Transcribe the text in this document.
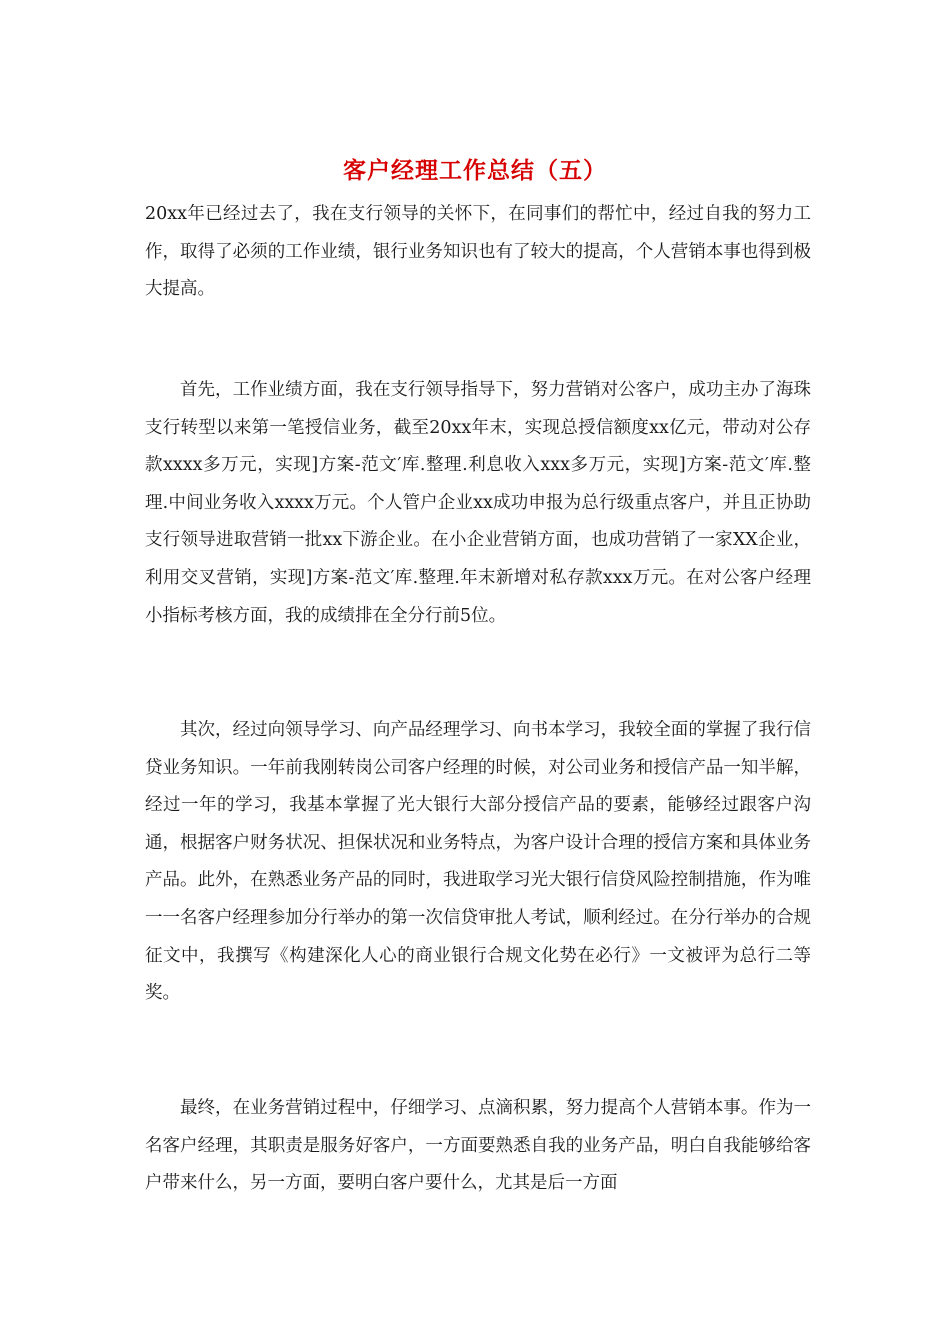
客户经理工作总结（五）

20xx年已经过去了，我在支行领导的关怀下，在同事们的帮忙中，经过自我的努力工作，取得了必须的工作业绩，银行业务知识也有了较大的提高，个人营销本事也得到极大提高。

首先，工作业绩方面，我在支行领导指导下，努力营销对公客户，成功主办了海珠支行转型以来第一笔授信业务，截至20xx年末，实现总授信额度xx亿元，带动对公存款xxxx多万元，实现]方案-范文′库.整理.利息收入xxx多万元，实现]方案-范文′库.整理.中间业务收入xxxx万元。个人管户企业xx成功申报为总行级重点客户，并且正协助支行领导进取营销一批xx下游企业。在小企业营销方面，也成功营销了一家XX企业，利用交叉营销，实现]方案-范文′库.整理.年末新增对私存款xxx万元。在对公客户经理小指标考核方面，我的成绩排在全分行前5位。

其次，经过向领导学习、向产品经理学习、向书本学习，我较全面的掌握了我行信贷业务知识。一年前我刚转岗公司客户经理的时候，对公司业务和授信产品一知半解，经过一年的学习，我基本掌握了光大银行大部分授信产品的要素，能够经过跟客户沟通，根据客户财务状况、担保状况和业务特点，为客户设计合理的授信方案和具体业务产品。此外，在熟悉业务产品的同时，我进取学习光大银行信贷风险控制措施，作为唯一一名客户经理参加分行举办的第一次信贷审批人考试，顺利经过。在分行举办的合规征文中，我撰写《构建深化人心的商业银行合规文化势在必行》一文被评为总行二等奖。

最终，在业务营销过程中，仔细学习、点滴积累，努力提高个人营销本事。作为一名客户经理，其职责是服务好客户，一方面要熟悉自我的业务产品，明白自我能够给客户带来什么，另一方面，要明白客户要什么，尤其是后一方面
